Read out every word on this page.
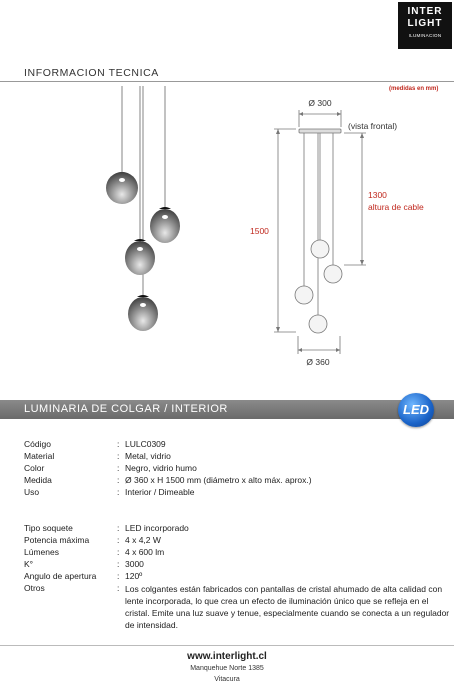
INTER
LIGHT
ILUMINACION
INFORMACION TECNICA
(medidas en mm)
Ø 300
(vista frontal)
1500
1300
altura de cable
Ø 360
LUMINARIA DE COLGAR / INTERIOR	LED
Código	: LULC0309
Material	: Metal, vidrio
Color	: Negro, vidrio humo
Medida	: Ø 360 x H 1500 mm (diámetro x alto máx. aprox.)
Uso	: Interior / Dimeable
Tipo soquete	: LED incorporado
Potencia máxima	: 4 x 4,2 W
Lúmenes	: 4 x 600 lm
K°	: 3000
Angulo de apertura	: 120º
Otros	: Los colgantes están fabricados con pantallas de cristal ahumado de alta calidad con lente incorporada, lo que crea un efecto de iluminación único que se refleja en el cristal. Emite una luz suave y tenue, especialmente cuando se conecta a un regulador de intensidad.
www.interlight.cl
Manquehue Norte 1385
Vitacura
